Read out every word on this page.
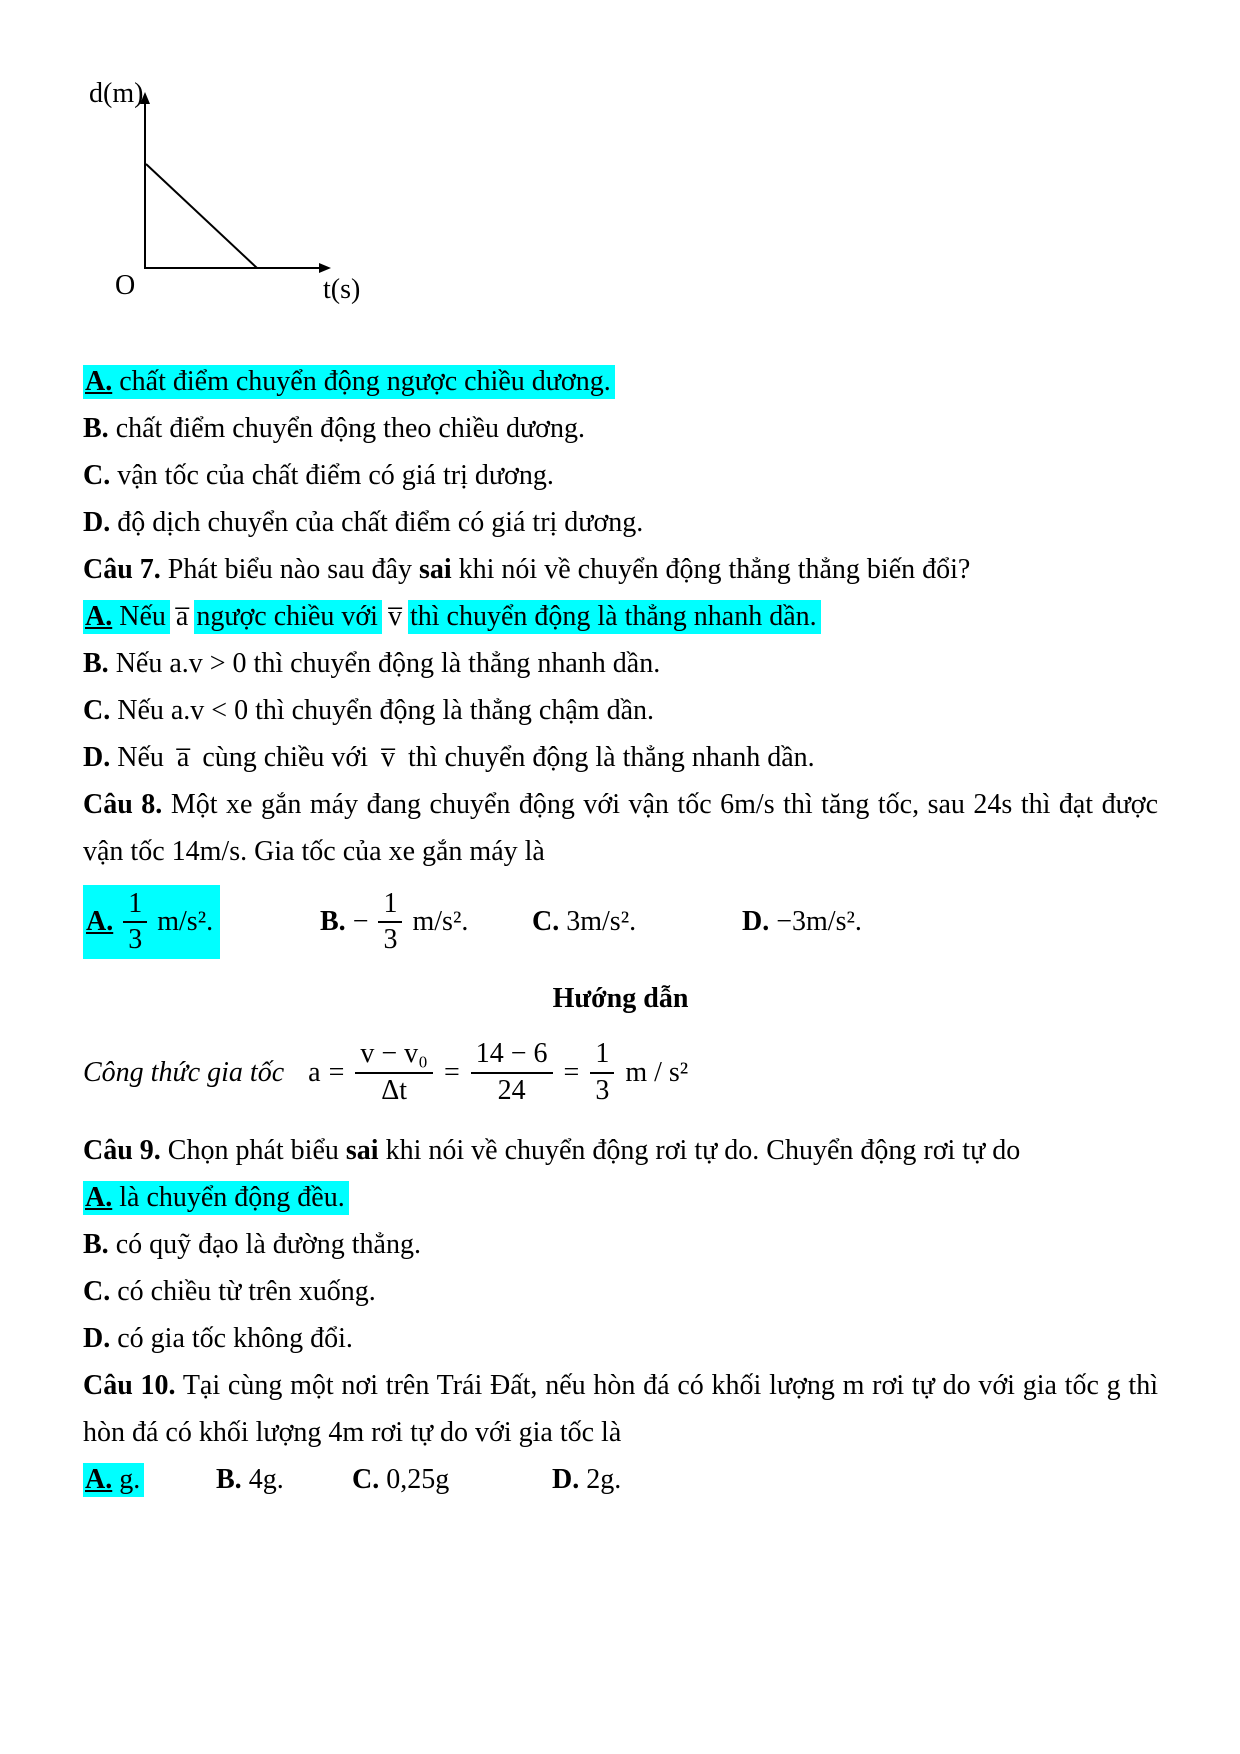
d(m)
O	t(s)

A. chất điểm chuyển động ngược chiều dương.

B. chất điểm chuyển động theo chiều dương.

C. vận tốc của chất điểm có giá trị dương.

D. độ dịch chuyển của chất điểm có giá trị dương.

Câu 7. Phát biểu nào sau đây sai khi nói về chuyển động thẳng thẳng biến đổi?

A. Nếu a̅ ngược chiều với v̅ thì chuyển động là thẳng nhanh dần.

B. Nếu a.v > 0 thì chuyển động là thẳng nhanh dần.

C. Nếu a.v < 0 thì chuyển động là thẳng chậm dần.

D. Nếu a̅ cùng chiều với v̅ thì chuyển động là thẳng nhanh dần.

Câu 8. Một xe gắn máy đang chuyển động với vận tốc 6m/s thì tăng tốc, sau 24s thì đạt được vận tốc 14m/s. Gia tốc của xe gắn máy là

A. $\frac{1}{3} m/s^2$.	B. − $\frac{1}{3} m/s^2$. C. 3m/s².	D. −3m/s².

Hướng dẫn

Công thức gia tốc $a = \frac{\text{v − v₀}}{\Delta t} = \frac{14 - 6}{24} = \frac{1}{3}$ m / s²

Câu 9. Chọn phát biểu sai khi nói về chuyển động rơi tự do. Chuyển động rơi tự do

A. là chuyển động đều.

B. có quỹ đạo là đường thẳng.

C. có chiều từ trên xuống.

D. có gia tốc không đổi.

Câu 10. Tại cùng một nơi trên Trái Đất, nếu hòn đá có khối lượng m rơi tự do với gia tốc g thì hòn đá có khối lượng 4m rơi tự do với gia tốc là

A. g.	B. 4g.	C. 0,25g	D. 2g.
